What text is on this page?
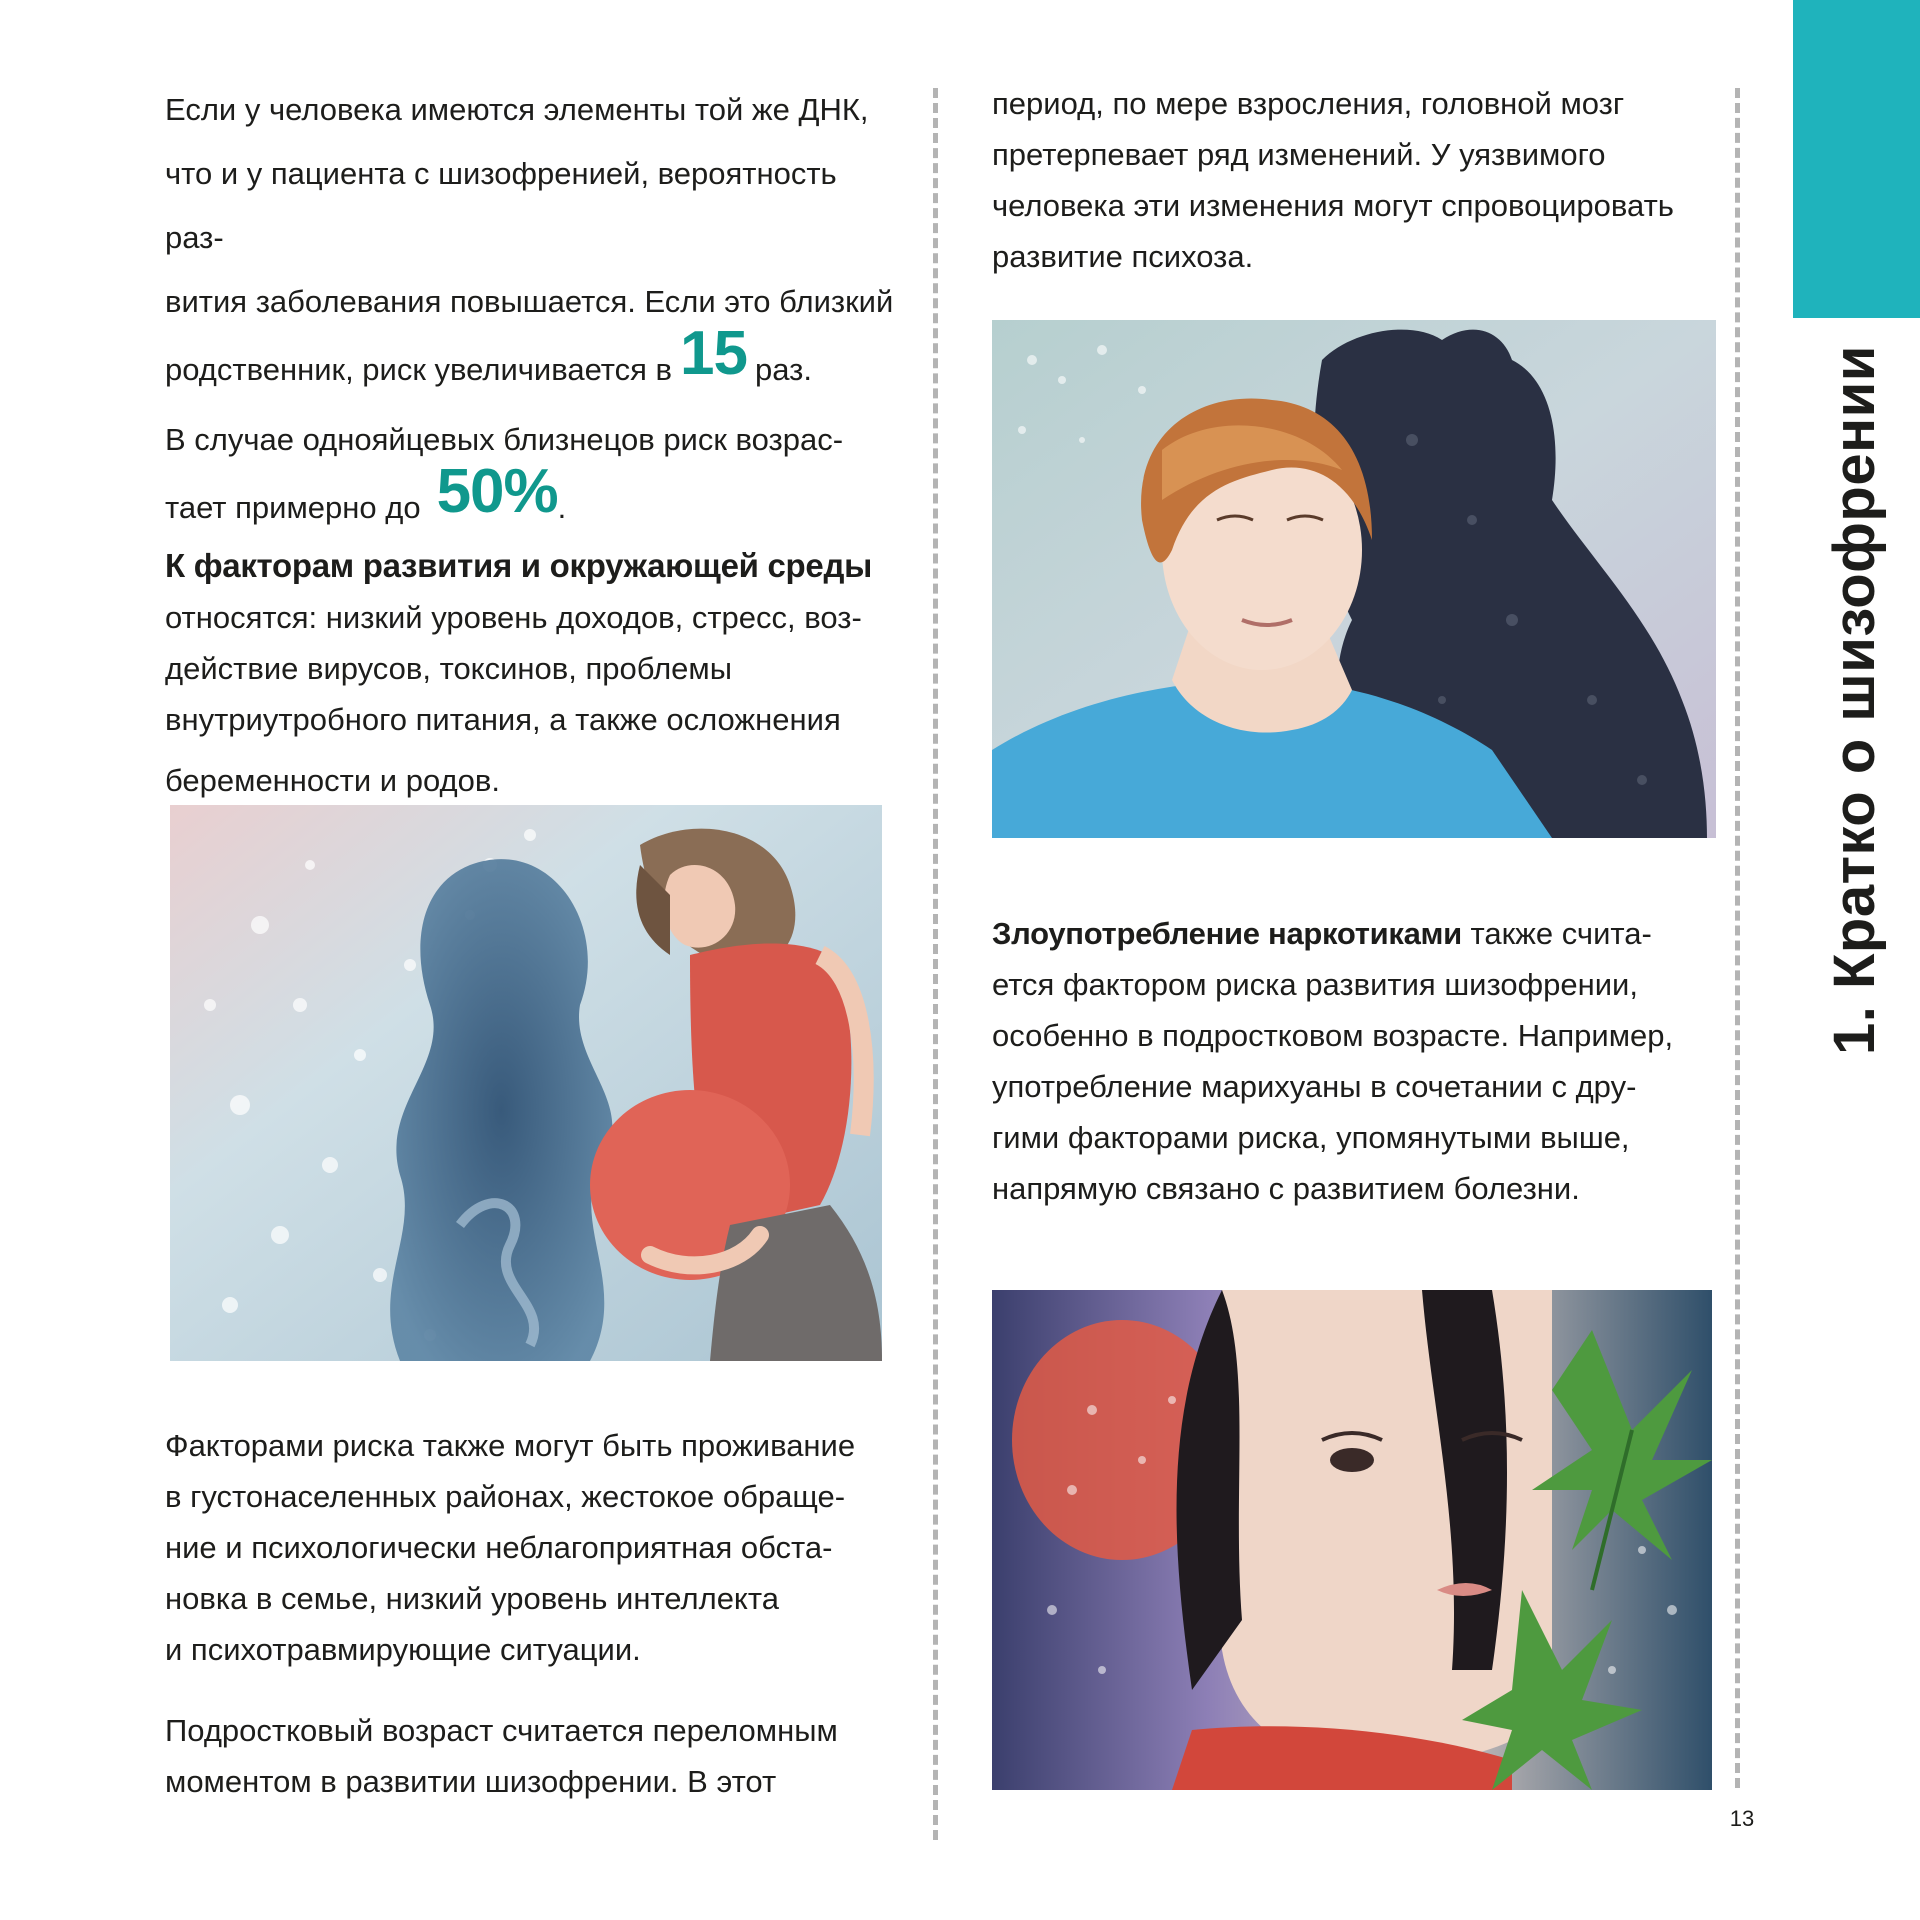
1. Кратко о шизофрении

Если у человека имеются элементы той же ДНК,
что и у пациента с шизофренией, вероятность раз-
вития заболевания повышается. Если это близкий
родственник, риск увеличивается в 15 раз.

В случае однояйцевых близнецов риск возрас-
тает примерно до 50%.

К факторам развития и окружающей среды
относятся: низкий уровень доходов, стресс, воз-
действие вирусов, токсинов, проблемы
внутриутробного питания, а также осложнения
беременности и родов.

Факторами риска также могут быть проживание
в густонаселенных районах, жестокое обраще-
ние и психологически неблагоприятная обста-
новка в семье, низкий уровень интеллекта
и психотравмирующие ситуации.

Подростковый возраст считается переломным
моментом в развитии шизофрении. В этот

период, по мере взросления, головной мозг
претерпевает ряд изменений. У уязвимого
человека эти изменения могут спровоцировать
развитие психоза.

Злоупотребление наркотиками также счита-
ется фактором риска развития шизофрении,
особенно в подростковом возрасте. Например,
употребление марихуаны в сочетании с дру-
гими факторами риска, упомянутыми выше,
напрямую связано с развитием болезни.

13
